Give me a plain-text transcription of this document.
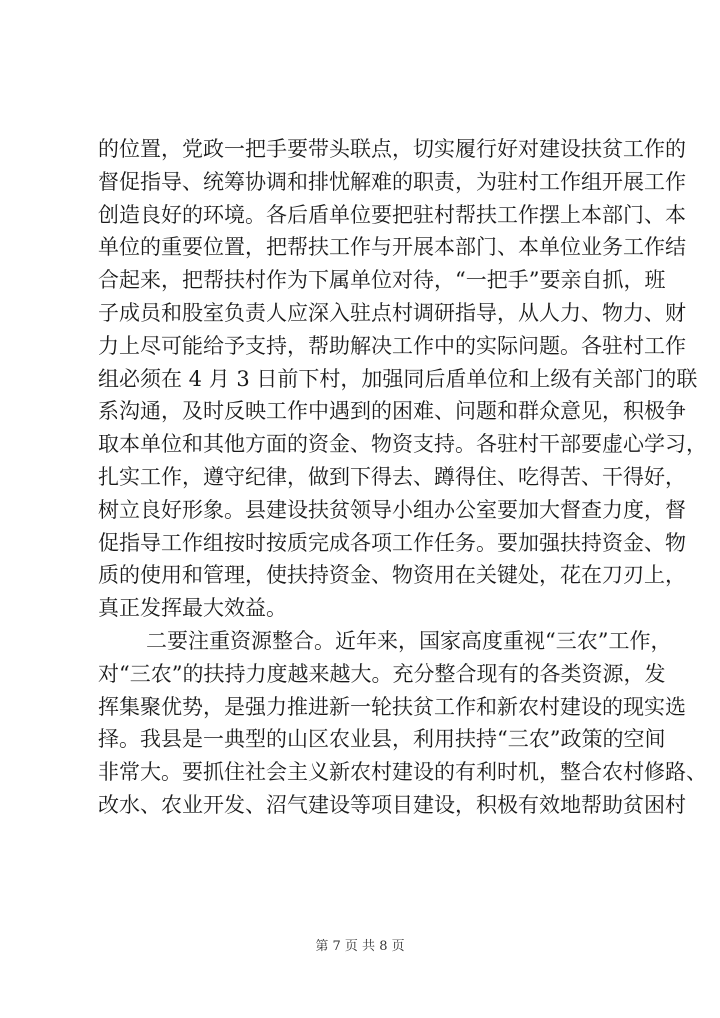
的位置，党政一把手要带头联点，切实履行好对建设扶贫工作的
督促指导、统筹协调和排忧解难的职责，为驻村工作组开展工作
创造良好的环境。各后盾单位要把驻村帮扶工作摆上本部门、本
单位的重要位置，把帮扶工作与开展本部门、本单位业务工作结
合起来，把帮扶村作为下属单位对待，“一把手”要亲自抓，班
子成员和股室负责人应深入驻点村调研指导，从人力、物力、财
力上尽可能给予支持，帮助解决工作中的实际问题。各驻村工作
组必须在 4 月 3 日前下村，加强同后盾单位和上级有关部门的联
系沟通，及时反映工作中遇到的困难、问题和群众意见，积极争
取本单位和其他方面的资金、物资支持。各驻村干部要虚心学习，
扎实工作，遵守纪律，做到下得去、蹲得住、吃得苦、干得好，
树立良好形象。县建设扶贫领导小组办公室要加大督查力度，督
促指导工作组按时按质完成各项工作任务。要加强扶持资金、物
质的使用和管理，使扶持资金、物资用在关键处，花在刀刃上，
真正发挥最大效益。
二要注重资源整合。近年来，国家高度重视“三农”工作，
对“三农”的扶持力度越来越大。充分整合现有的各类资源，发
挥集聚优势，是强力推进新一轮扶贫工作和新农村建设的现实选
择。我县是一典型的山区农业县，利用扶持“三农”政策的空间
非常大。要抓住社会主义新农村建设的有利时机，整合农村修路、
改水、农业开发、沼气建设等项目建设，积极有效地帮助贫困村
第 7 页 共 8 页
